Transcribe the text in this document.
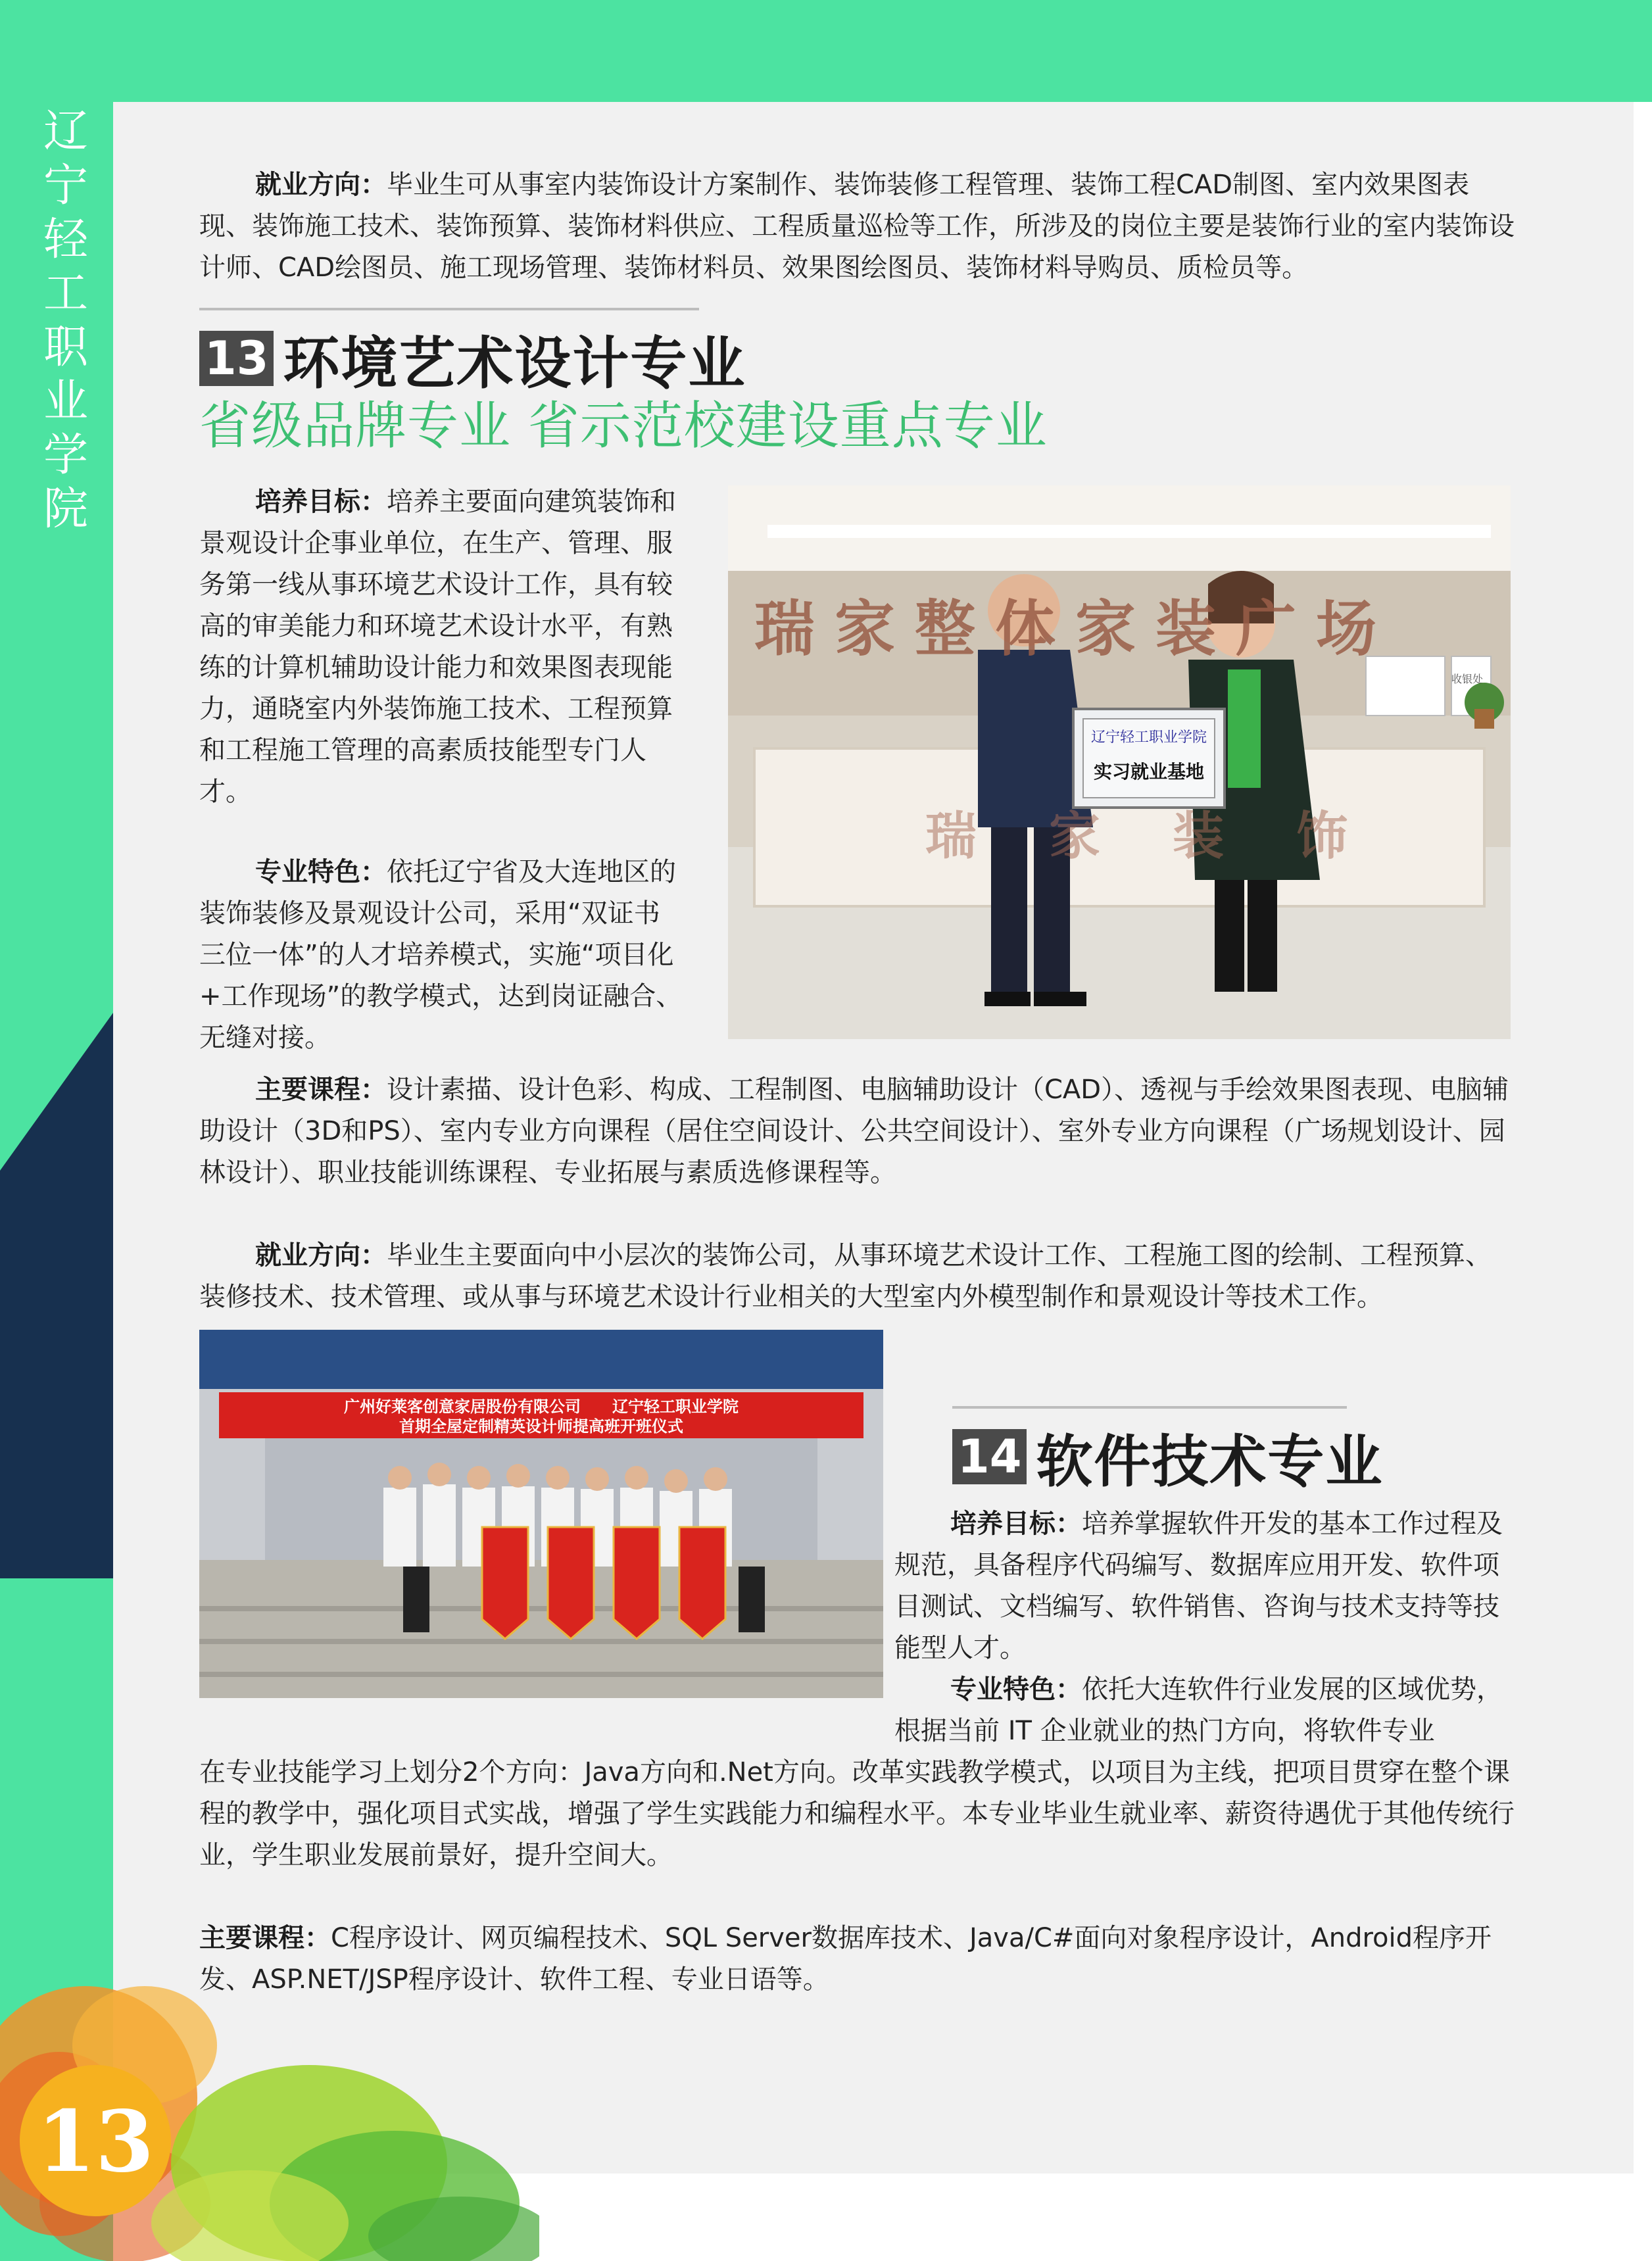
辽
宁
轻
工
职
业
学
院

就业方向：毕业生可从事室内装饰设计方案制作、装饰装修工程管理、装饰工程CAD制图、室内效果图表现、装饰施工技术、装饰预算、装饰材料供应、工程质量巡检等工作，所涉及的岗位主要是装饰行业的室内装饰设计师、CAD绘图员、施工现场管理、装饰材料员、效果图绘图员、装饰材料导购员、质检员等。

13 环境艺术设计专业
省级品牌专业 省示范校建设重点专业

培养目标：培养主要面向建筑装饰和景观设计企事业单位，在生产、管理、服务第一线从事环境艺术设计工作，具有较高的审美能力和环境艺术设计水平，有熟练的计算机辅助设计能力和效果图表现能力，通晓室内外装饰施工技术、工程预算和工程施工管理的高素质技能型专门人才。

专业特色：依托辽宁省及大连地区的装饰装修及景观设计公司，采用“双证书三位一体”的人才培养模式，实施“项目化+工作现场”的教学模式，达到岗证融合、无缝对接。

辽宁轻工职业学院
实习就业基地
瑞家整体家装广场
瑞家装饰
收银处

主要课程：设计素描、设计色彩、构成、工程制图、电脑辅助设计（CAD）、透视与手绘效果图表现、电脑辅助设计（3D和PS）、室内专业方向课程（居住空间设计、公共空间设计）、室外专业方向课程（广场规划设计、园林设计）、职业技能训练课程、专业拓展与素质选修课程等。

就业方向：毕业生主要面向中小层次的装饰公司，从事环境艺术设计工作、工程施工图的绘制、工程预算、装修技术、技术管理、或从事与环境艺术设计行业相关的大型室内外模型制作和景观设计等技术工作。

广州好莱客创意家居股份有限公司　　辽宁轻工职业学院
首期全屋定制精英设计师提高班开班仪式
14 软件技术专业

培养目标：培养掌握软件开发的基本工作过程及规范，具备程序代码编写、数据库应用开发、软件项目测试、文档编写、软件销售、咨询与技术支持等技能型人才。

专业特色：依托大连软件行业发展的区域优势，根据当前 IT 企业就业的热门方向，将软件专业

在专业技能学习上划分2个方向：Java方向和.Net方向。改革实践教学模式，以项目为主线，把项目贯穿在整个课程的教学中，强化项目式实战，增强了学生实践能力和编程水平。本专业毕业生就业率、薪资待遇优于其他传统行业，学生职业发展前景好，提升空间大。

主要课程：C程序设计、网页编程技术、SQL Server数据库技术、Java/C#面向对象程序设计，Android程序开发、ASP.NET/JSP程序设计、软件工程、专业日语等。

13
